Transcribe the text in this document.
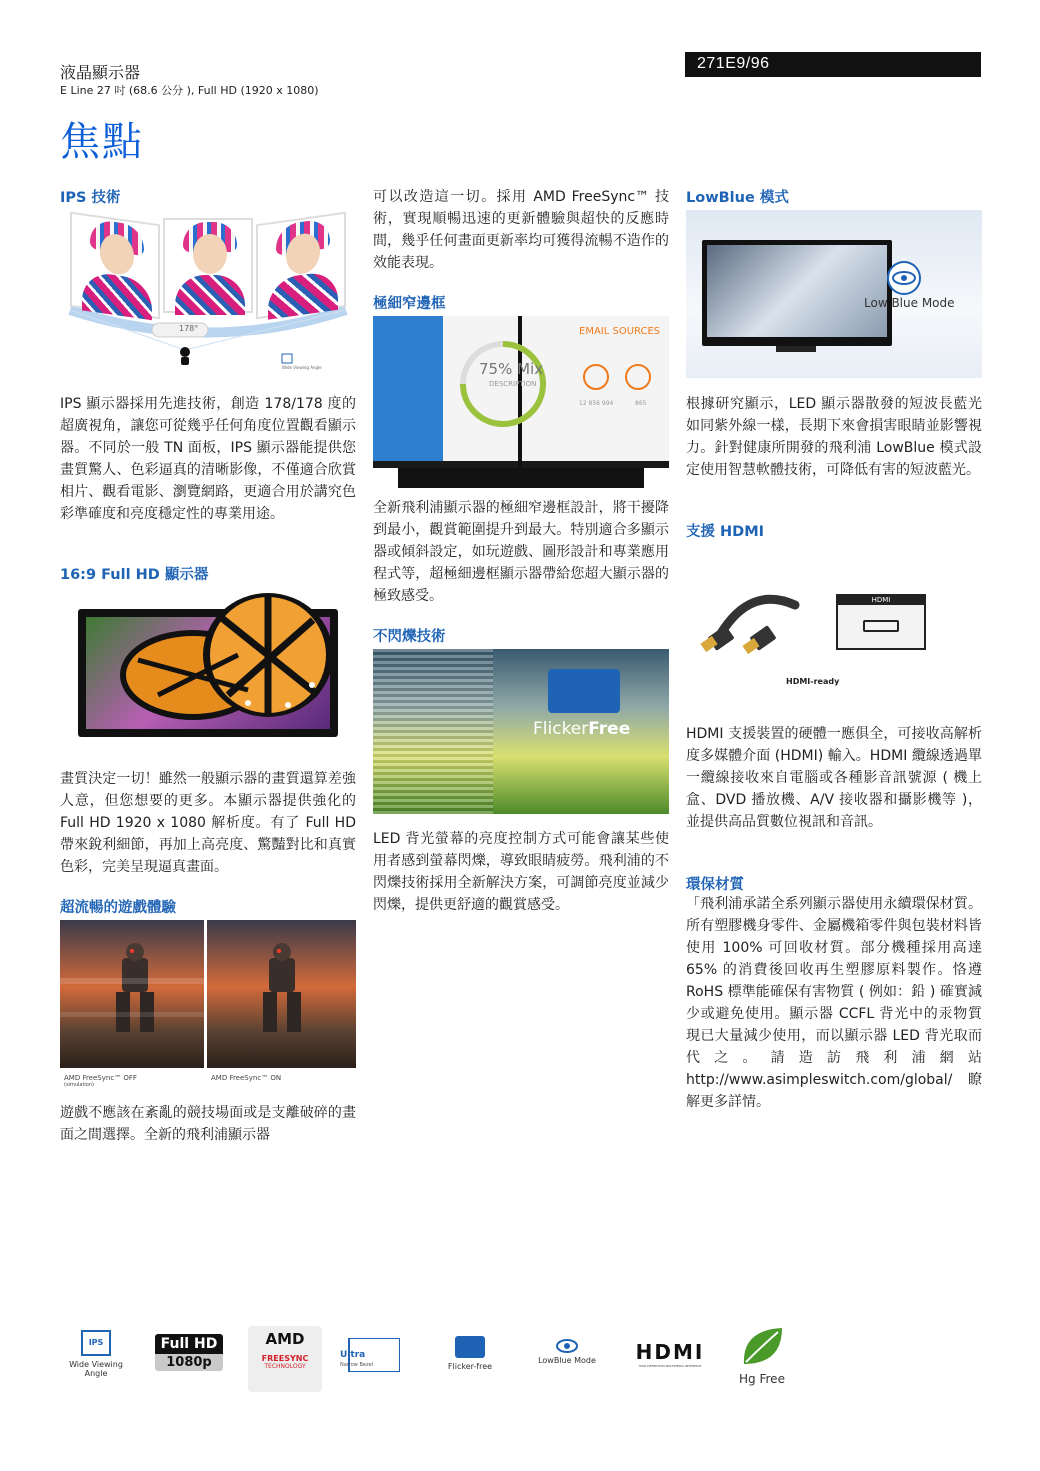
液晶顯示器
E Line 27 吋 (68.6 公分 ), Full HD (1920 x 1080)
271E9/96
焦點
IPS 技術
178°
Wide Viewing Angle
IPS 顯示器採用先進技術，創造 178/178 度的超廣視角，讓您可從幾乎任何角度位置觀看顯示器。不同於一般 TN 面板，IPS 顯示器能提供您畫質驚人、色彩逼真的清晰影像，不僅適合欣賞相片、觀看電影、瀏覽網路，更適合用於講究色彩準確度和亮度穩定性的專業用途。
16:9 Full HD 顯示器
畫質決定一切！雖然一般顯示器的畫質還算差強人意，但您想要的更多。本顯示器提供強化的 Full HD 1920 x 1080 解析度。有了 Full HD 帶來銳利細節，再加上高亮度、驚豔對比和真實色彩，完美呈現逼真畫面。
超流暢的遊戲體驗
AMD FreeSync™ OFF
(simulation)
AMD FreeSync™ ON
遊戲不應該在紊亂的競技場面或是支離破碎的畫面之間選擇。全新的飛利浦顯示器
可以改造這一切。採用 AMD FreeSync™ 技術，實現順暢迅速的更新體驗與超快的反應時間，幾乎任何畫面更新率均可獲得流暢不造作的效能表現。
極細窄邊框
EMAIL SOURCES
75% Mix
DESCRIPTION
12 856 994	865
全新飛利浦顯示器的極細窄邊框設計，將干擾降到最小，觀賞範圍提升到最大。特別適合多顯示器或傾斜設定，如玩遊戲、圖形設計和專業應用程式等，超極細邊框顯示器帶給您超大顯示器的極致感受。
不閃爍技術
FlickerFree
LED 背光螢幕的亮度控制方式可能會讓某些使用者感到螢幕閃爍，導致眼睛疲勞。飛利浦的不閃爍技術採用全新解決方案，可調節亮度並減少閃爍，提供更舒適的觀賞感受。
LowBlue 模式
Low Blue Mode
根據研究顯示，LED 顯示器散發的短波長藍光如同紫外線一樣，長期下來會損害眼睛並影響視力。針對健康所開發的飛利浦 LowBlue 模式設定使用智慧軟體技術，可降低有害的短波藍光。
支援 HDMI
HDMI
HDMI-ready
HDMI 支援裝置的硬體一應俱全，可接收高解析度多媒體介面 (HDMI) 輸入。HDMI 纜線透過單一纜線接收來自電腦或各種影音訊號源 ( 機上盒、DVD 播放機、A/V 接收器和攝影機等 )，並提供高品質數位視訊和音訊。
環保材質
「飛利浦承諾全系列顯示器使用永續環保材質。所有塑膠機身零件、金屬機箱零件與包裝材料皆使用 100% 可回收材質。部分機種採用高達 65% 的消費後回收再生塑膠原料製作。恪遵 RoHS 標準能確保有害物質 ( 例如：鉛 ) 確實減少或避免使用。顯示器 CCFL 背光中的汞物質現已大量減少使用，而以顯示器 LED 背光取而代之。請造訪飛利浦網站 http://www.asimpleswitch.com/global/ 瞭解更多詳情。
IPS
Wide Viewing Angle
Full HD
1080p
AMD
FREESYNC
TECHNOLOGY
Ultra
Narrow Bezel	Flicker-free
LowBlue Mode	HDMI
HIGH-DEFINITION MULTIMEDIA INTERFACE
Hg Free
